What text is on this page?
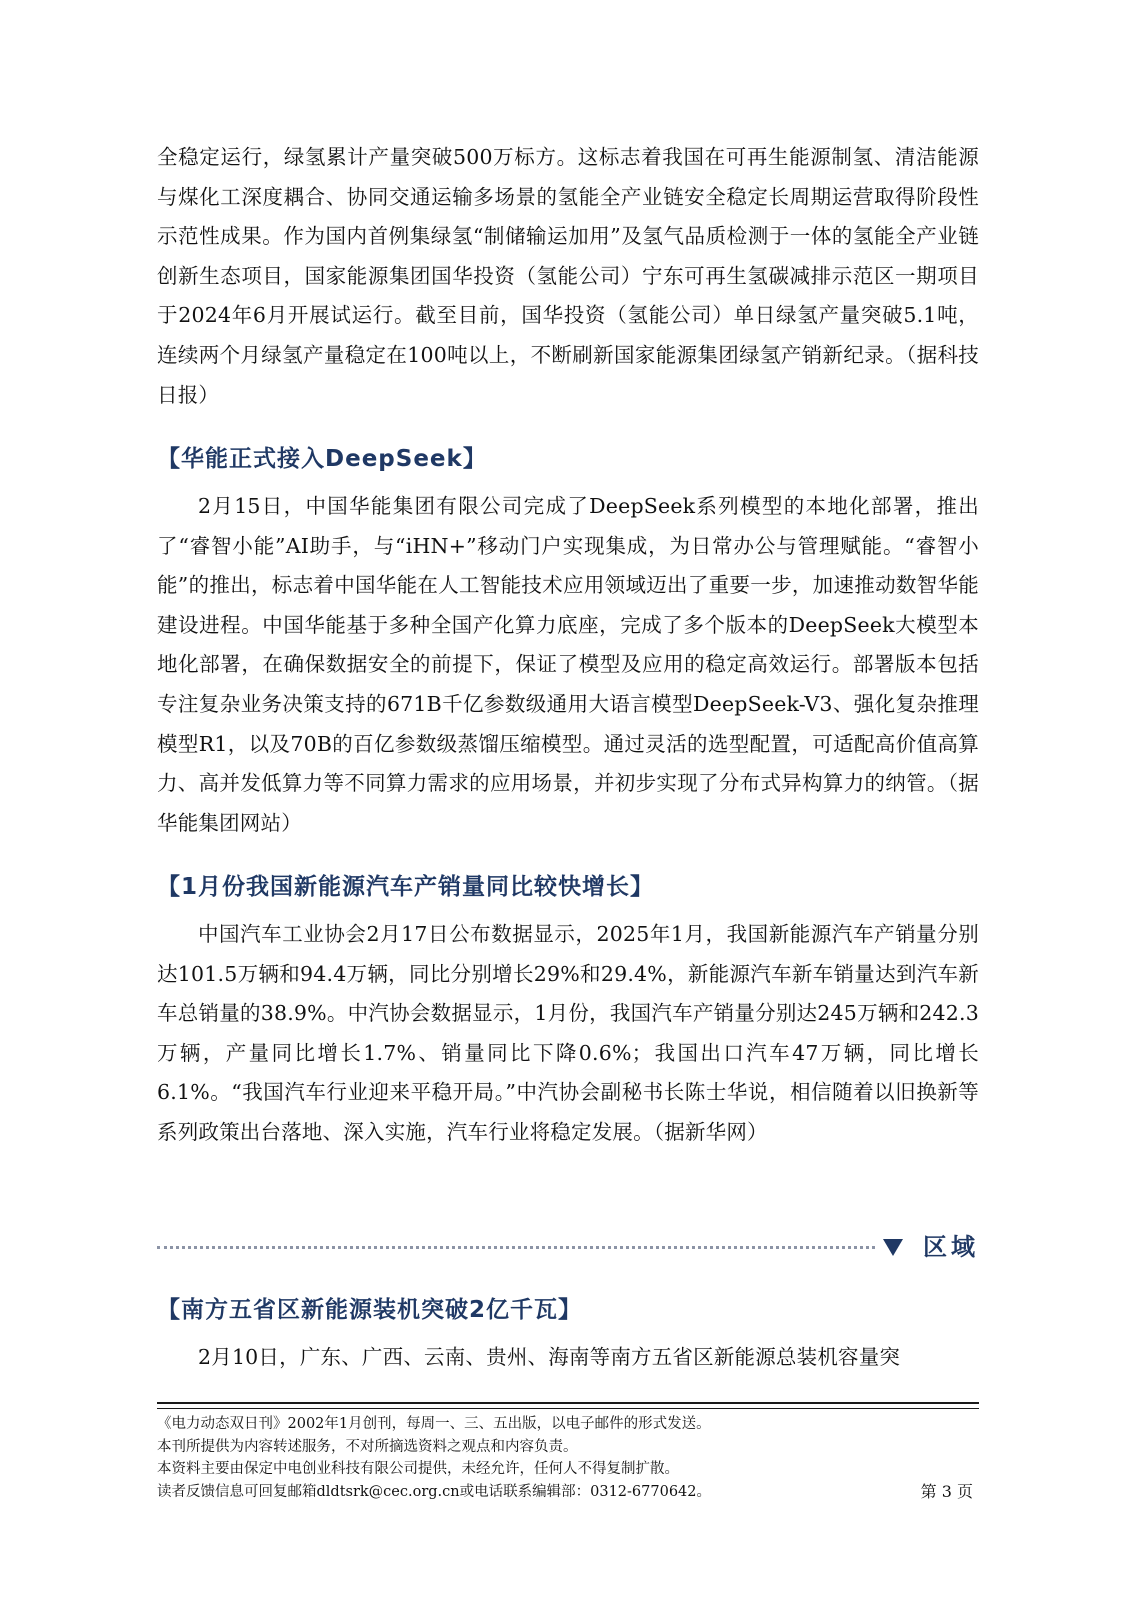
全稳定运行，绿氢累计产量突破500万标方。这标志着我国在可再生能源制氢、清洁能源与煤化工深度耦合、协同交通运输多场景的氢能全产业链安全稳定长周期运营取得阶段性示范性成果。作为国内首例集绿氢“制储输运加用”及氢气品质检测于一体的氢能全产业链创新生态项目，国家能源集团国华投资（氢能公司）宁东可再生氢碳减排示范区一期项目于2024年6月开展试运行。截至目前，国华投资（氢能公司）单日绿氢产量突破5.1吨，连续两个月绿氢产量稳定在100吨以上，不断刷新国家能源集团绿氢产销新纪录。（据科技日报）

【华能正式接入DeepSeek】

2月15日，中国华能集团有限公司完成了DeepSeek系列模型的本地化部署，推出了“睿智小能”AI助手，与“iHN+”移动门户实现集成，为日常办公与管理赋能。“睿智小能”的推出，标志着中国华能在人工智能技术应用领域迈出了重要一步，加速推动数智华能建设进程。中国华能基于多种全国产化算力底座，完成了多个版本的DeepSeek大模型本地化部署，在确保数据安全的前提下，保证了模型及应用的稳定高效运行。部署版本包括专注复杂业务决策支持的671B千亿参数级通用大语言模型DeepSeek-V3、强化复杂推理模型R1，以及70B的百亿参数级蒸馏压缩模型。通过灵活的选型配置，可适配高价值高算力、高并发低算力等不同算力需求的应用场景，并初步实现了分布式异构算力的纳管。（据华能集团网站）

【1月份我国新能源汽车产销量同比较快增长】

中国汽车工业协会2月17日公布数据显示，2025年1月，我国新能源汽车产销量分别达101.5万辆和94.4万辆，同比分别增长29%和29.4%，新能源汽车新车销量达到汽车新车总销量的38.9%。中汽协会数据显示，1月份，我国汽车产销量分别达245万辆和242.3万辆，产量同比增长1.7%、销量同比下降0.6%；我国出口汽车47万辆，同比增长6.1%。“我国汽车行业迎来平稳开局。”中汽协会副秘书长陈士华说，相信随着以旧换新等系列政策出台落地、深入实施，汽车行业将稳定发展。（据新华网）

区域
【南方五省区新能源装机突破2亿千瓦】

2月10日，广东、广西、云南、贵州、海南等南方五省区新能源总装机容量突

《电力动态双日刊》2002年1月创刊，每周一、三、五出版，以电子邮件的形式发送。
本刊所提供为内容转述服务，不对所摘选资料之观点和内容负责。
本资料主要由保定中电创业科技有限公司提供，未经允许，任何人不得复制扩散。
读者反馈信息可回复邮箱dldtsrk@cec.org.cn或电话联系编辑部：0312-6770642。	第 3 页
